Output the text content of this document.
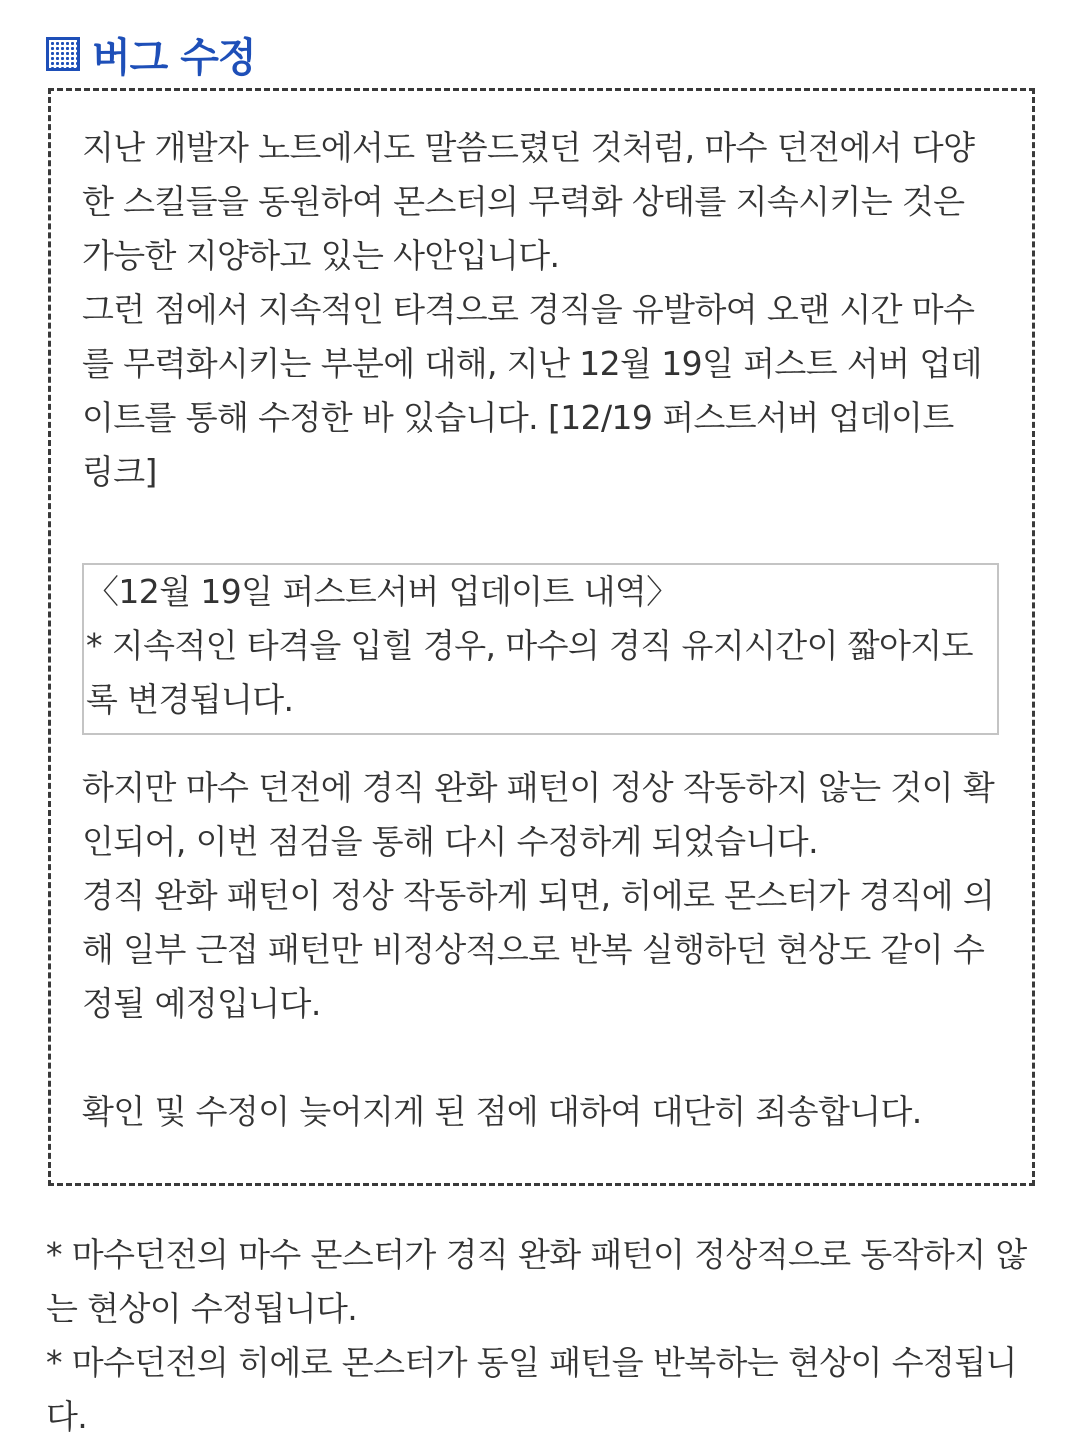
버그 수정

지난 개발자 노트에서도 말씀드렸던 것처럼, 마수 던전에서 다양

한 스킬들을 동원하여 몬스터의 무력화 상태를 지속시키는 것은

가능한 지양하고 있는 사안입니다.

그런 점에서 지속적인 타격으로 경직을 유발하여 오랜 시간 마수

를 무력화시키는 부분에 대해, 지난 12월 19일 퍼스트 서버 업데

이트를 통해 수정한 바 있습니다. [12/19 퍼스트서버 업데이트

링크]

〈12월 19일 퍼스트서버 업데이트 내역〉

* 지속적인 타격을 입힐 경우, 마수의 경직 유지시간이 짧아지도

록 변경됩니다.

하지만 마수 던전에 경직 완화 패턴이 정상 작동하지 않는 것이 확

인되어, 이번 점검을 통해 다시 수정하게 되었습니다.

경직 완화 패턴이 정상 작동하게 되면, 히에로 몬스터가 경직에 의

해 일부 근접 패턴만 비정상적으로 반복 실행하던 현상도 같이 수

정될 예정입니다.

확인 및 수정이 늦어지게 된 점에 대하여 대단히 죄송합니다.

* 마수던전의 마수 몬스터가 경직 완화 패턴이 정상적으로 동작하지 않

는 현상이 수정됩니다.

* 마수던전의 히에로 몬스터가 동일 패턴을 반복하는 현상이 수정됩니

다.
